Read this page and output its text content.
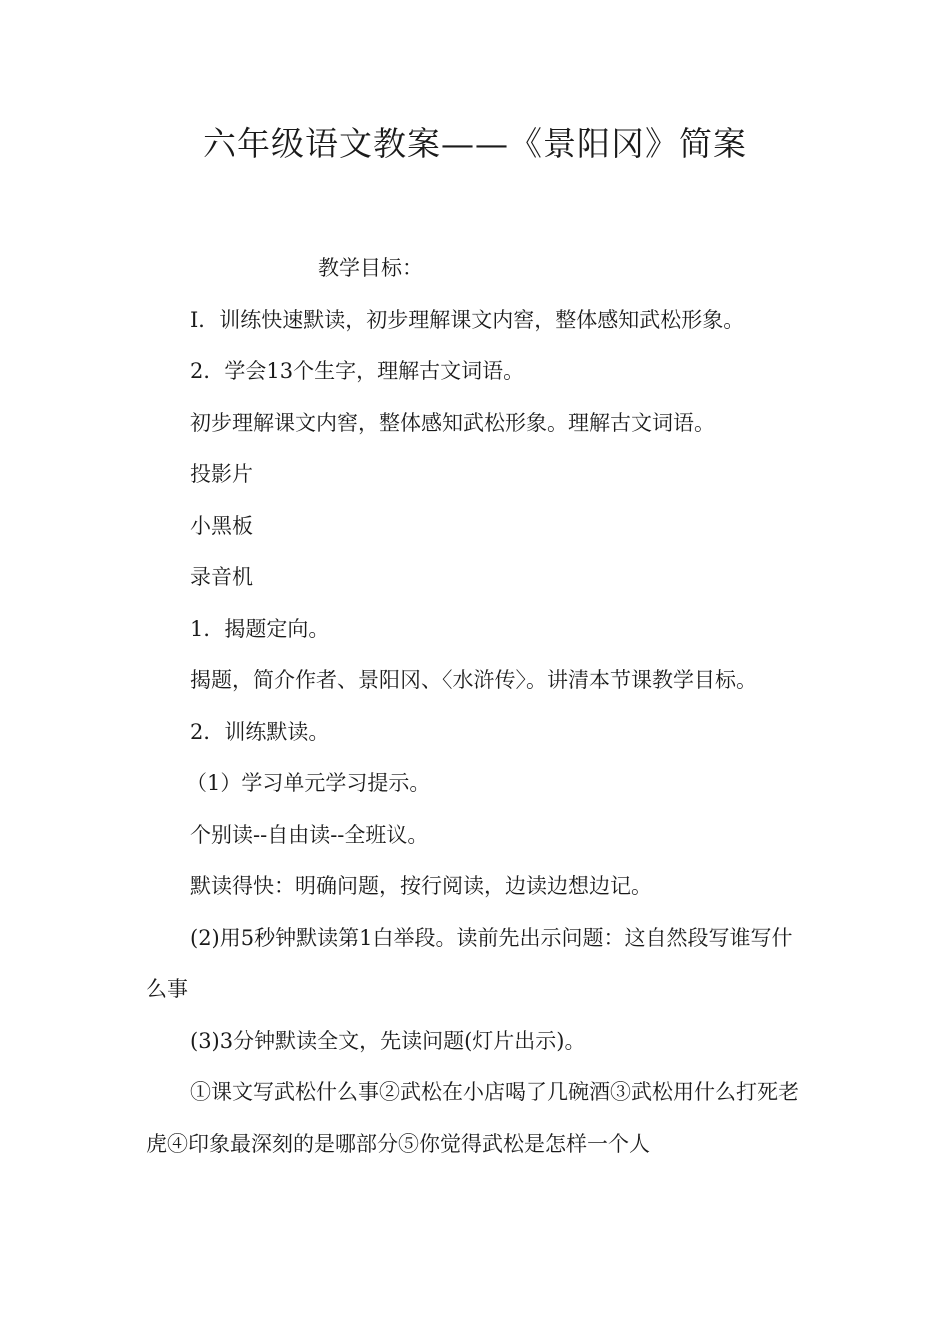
六年级语文教案——《景阳冈》简案

教学目标：

I．训练快速默读，初步理解课文内窖，整体感知武松形象。

2．学会13个生字，理解古文词语。

初步理解课文内窖，整体感知武松形象。理解古文词语。

投影片

小黑板

录音机

1．揭题定向。

揭题，简介作者、景阳冈、〈水浒传〉。讲清本节课教学目标。

2．训练默读。

（1）学习单元学习提示。

个别读--自由读--全班议。

默读得快：明确问题，按行阅读，边读边想边记。

(2)用5秒钟默读第1白举段。读前先出示问题：这自然段写谁写什么事

(3)3分钟默读全文，先读问题(灯片出示)。

①课文写武松什么事②武松在小店喝了几碗酒③武松用什么打死老虎④印象最深刻的是哪部分⑤你觉得武松是怎样一个人
